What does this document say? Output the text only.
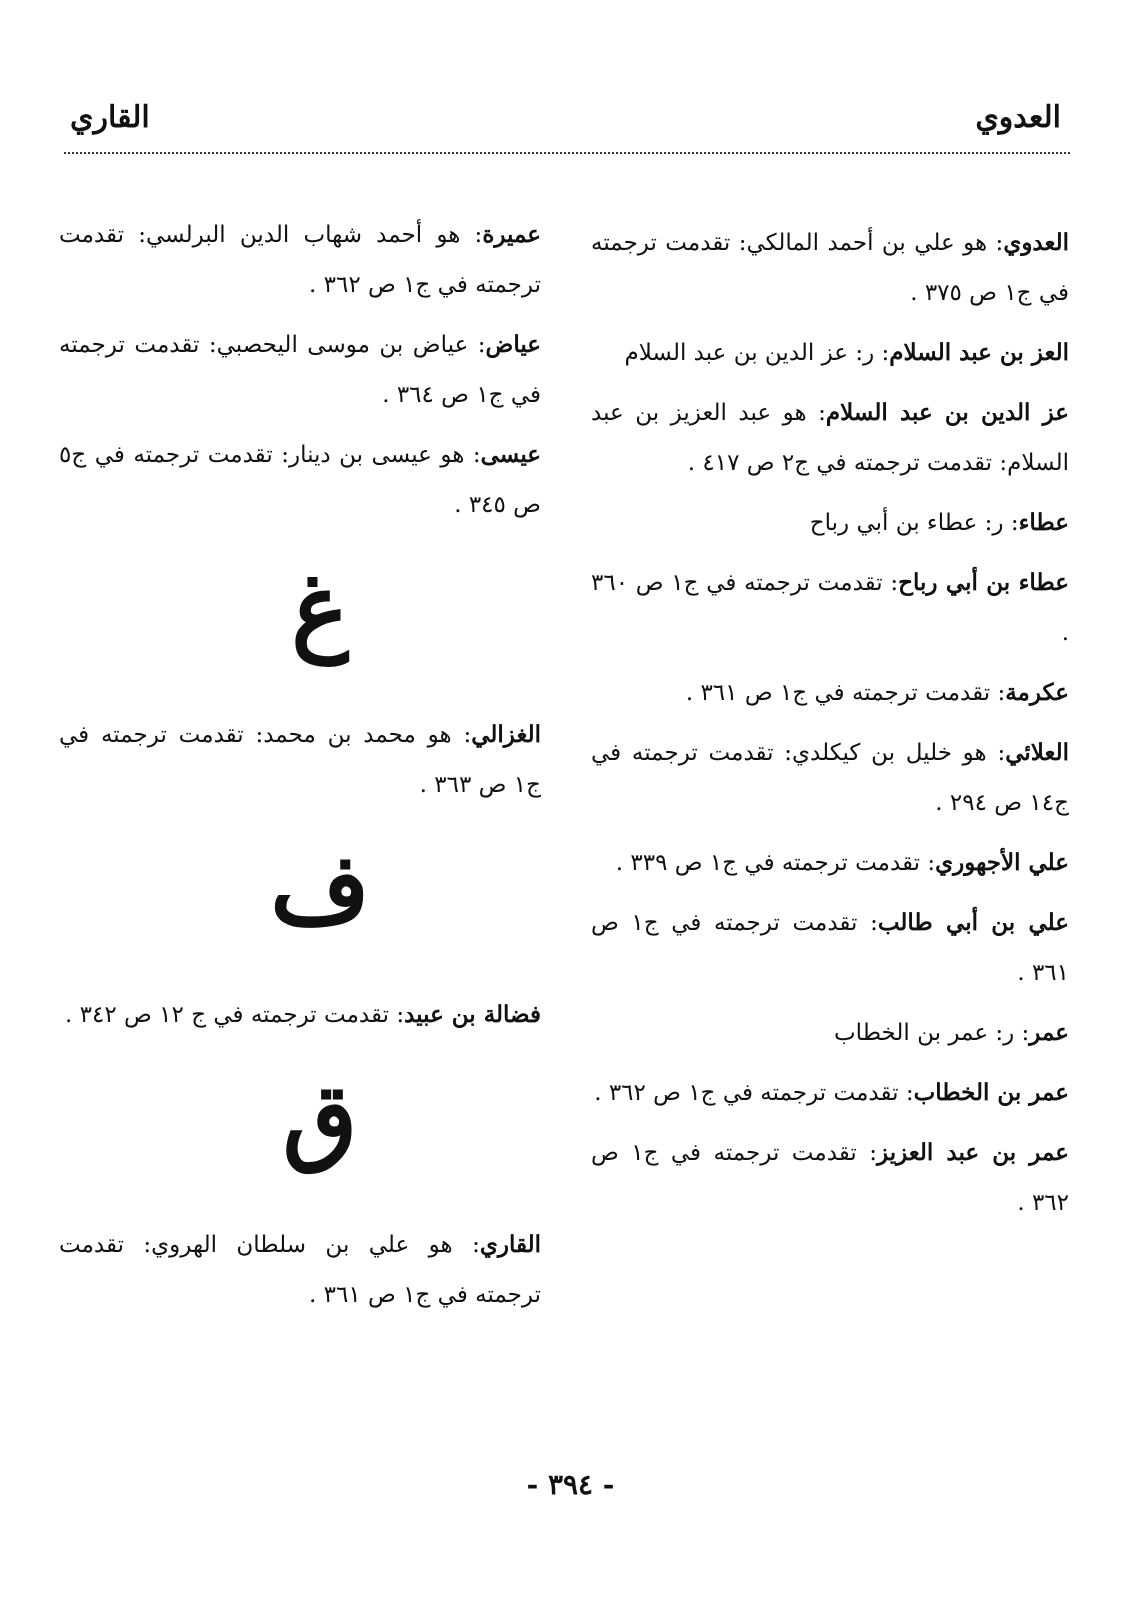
العدوي
القاري

العدوي: هو علي بن أحمد المالكي: تقدمت ترجمته في ج١ ص ٣٧٥ .

العز بن عبد السلام: ر: عز الدين بن عبد السلام

عز الدين بن عبد السلام: هو عبد العزيز بن عبد السلام: تقدمت ترجمته في ج٢ ص ٤١٧ .

عطاء: ر: عطاء بن أبي رباح

عطاء بن أبي رباح: تقدمت ترجمته في ج١ ص ٣٦٠ .

عكرمة: تقدمت ترجمته في ج١ ص ٣٦١ .

العلائي: هو خليل بن كيكلدي: تقدمت ترجمته في ج١٤ ص ٢٩٤ .

علي الأجهوري: تقدمت ترجمته في ج١ ص ٣٣٩ .

علي بن أبي طالب: تقدمت ترجمته في ج١ ص ٣٦١ .

عمر: ر: عمر بن الخطاب

عمر بن الخطاب: تقدمت ترجمته في ج١ ص ٣٦٢ .

عمر بن عبد العزيز: تقدمت ترجمته في ج١ ص ٣٦٢ .

عميرة: هو أحمد شهاب الدين البرلسي: تقدمت ترجمته في ج١ ص ٣٦٢ .

عياض: عياض بن موسى اليحصبي: تقدمت ترجمته في ج١ ص ٣٦٤ .

عيسى: هو عيسى بن دينار: تقدمت ترجمته في ج٥ ص ٣٤٥ .

غ

الغزالي: هو محمد بن محمد: تقدمت ترجمته في ج١ ص ٣٦٣ .

ف

فضالة بن عبيد: تقدمت ترجمته في ج ١٢ ص ٣٤٢ .

ق

القاري: هو علي بن سلطان الهروي: تقدمت ترجمته في ج١ ص ٣٦١ .

- ٣٩٤ -
